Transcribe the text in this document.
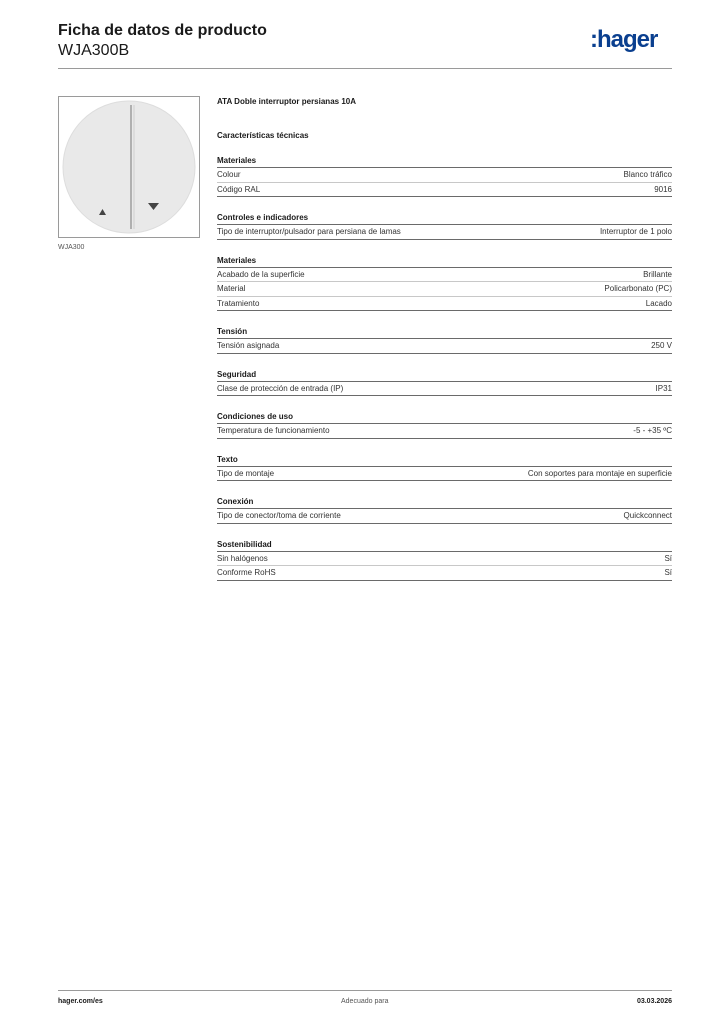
Ficha de datos de producto
WJA300B	:hager
WJA300
ATA Doble interruptor persianas 10A
Características técnicas
Materiales
Colour	Blanco tráfico
Código RAL	9016
Controles e indicadores
Tipo de interruptor/pulsador para persiana de lamas	Interruptor de 1 polo
Materiales
Acabado de la superficie	Brillante
Material	Policarbonato (PC)
Tratamiento	Lacado
Tensión
Tensión asignada	250 V
Seguridad
Clase de protección de entrada (IP)	IP31
Condiciones de uso
Temperatura de funcionamiento	-5 - +35 ºC
Texto
Tipo de montaje	Con soportes para montaje en superficie
Conexión
Tipo de conector/toma de corriente	Quickconnect
Sostenibilidad
Sin halógenos	Sí
Conforme RoHS	Sí
hager.com/es	Adecuado para	03.03.2026
